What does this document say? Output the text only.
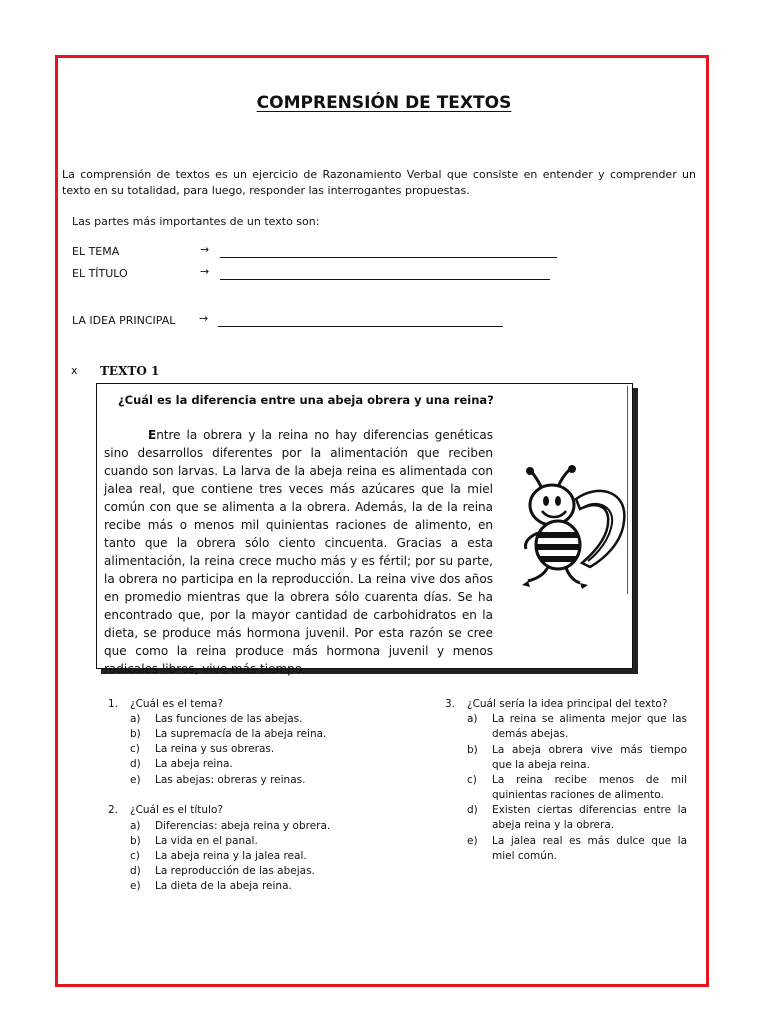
COMPRENSIÓN DE TEXTOS
La comprensión de textos es un ejercicio de Razonamiento Verbal que consiste en entender y comprender un texto en su totalidad, para luego, responder las interrogantes propuestas.
Las partes más importantes de un texto son:
EL TEMA	→
EL TÍTULO	→
LA IDEA PRINCIPAL →
x TEXTO 1
¿Cuál es la diferencia entre una abeja obrera y una reina?
Entre la obrera y la reina no hay diferencias genéticas sino desarrollos diferentes por la alimentación que reciben cuando son larvas. La larva de la abeja reina es alimentada con jalea real, que contiene tres veces más azúcares que la miel común con que se alimenta a la obrera. Además, la de la reina recibe más o menos mil quinientas raciones de alimento, en tanto que la obrera sólo ciento cincuenta. Gracias a esta alimentación, la reina crece mucho más y es fértil; por su parte, la obrera no participa en la reproducción. La reina vive dos años en promedio mientras que la obrera sólo cuarenta días. Se ha encontrado que, por la mayor cantidad de carbohidratos en la dieta, se produce más hormona juvenil. Por esta razón se cree que como la reina produce más hormona juvenil y menos radicales libres, vive más tiempo.
1. ¿Cuál es el tema?
a) Las funciones de las abejas.
b) La supremacía de la abeja reina.
c) La reina y sus obreras.
d) La abeja reina.
e) Las abejas: obreras y reinas.
2. ¿Cuál es el título?
a) Diferencias: abeja reina y obrera.
b) La vida en el panal.
c) La abeja reina y la jalea real.
d) La reproducción de las abejas.
e) La dieta de la abeja reina.
3. ¿Cuál sería la idea principal del texto?
a) La reina se alimenta mejor que las demás abejas.
b) La abeja obrera vive más tiempo que la abeja reina.
c) La reina recibe menos de mil quinientas raciones de alimento.
d) Existen ciertas diferencias entre la abeja reina y la obrera.
e) La jalea real es más dulce que la miel común.
